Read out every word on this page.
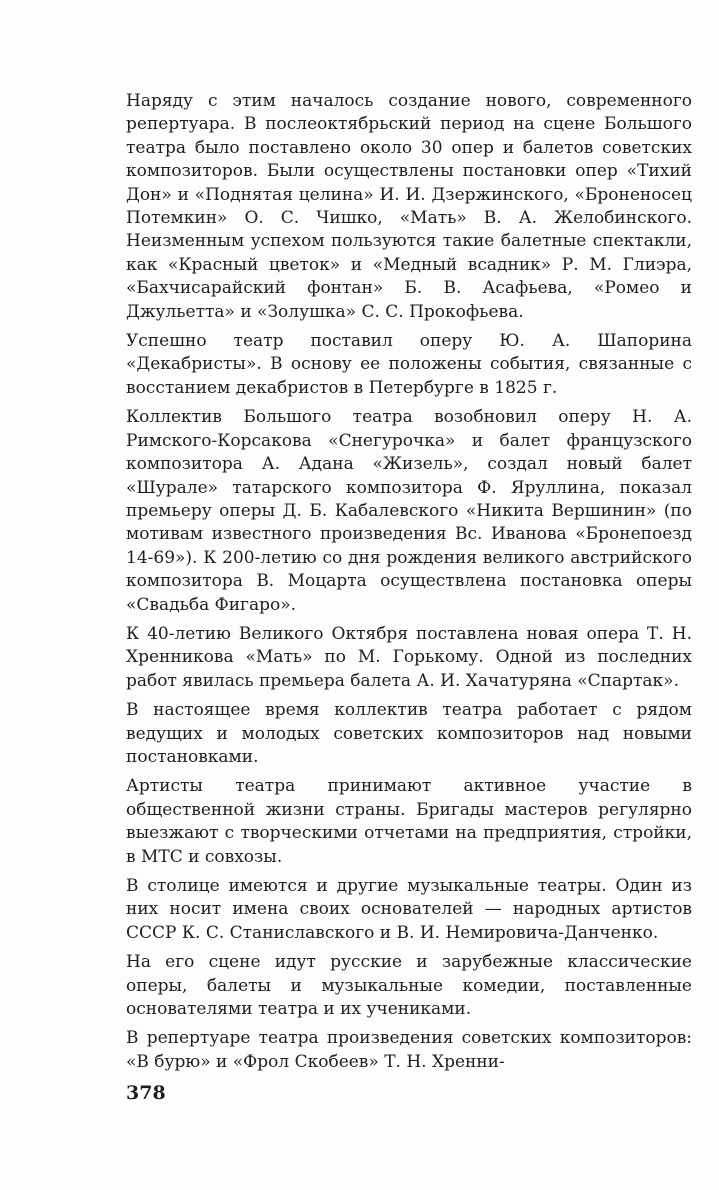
Наряду с этим началось создание нового, современного репертуара. В послеоктябрьский период на сцене Большого театра было поставлено около 30 опер и балетов советских композиторов. Были осуществлены постановки опер «Тихий Дон» и «Поднятая целина» И. И. Дзержинского, «Броненосец Потемкин» О. С. Чишко, «Мать» В. А. Желобинского. Неизменным успехом пользуются такие балетные спектакли, как «Красный цветок» и «Медный всадник» Р. М. Глиэра, «Бахчисарайский фонтан» Б. В. Асафьева, «Ромео и Джульетта» и «Золушка» С. С. Прокофьева.

Успешно театр поставил оперу Ю. А. Шапорина «Декабристы». В основу ее положены события, связанные с восстанием декабристов в Петербурге в 1825 г.

Коллектив Большого театра возобновил оперу Н. А. Римского-Корсакова «Снегурочка» и балет французского композитора А. Адана «Жизель», создал новый балет «Шурале» татарского композитора Ф. Яруллина, показал премьеру оперы Д. Б. Кабалевского «Никита Вершинин» (по мотивам известного произведения Вс. Иванова «Бронепоезд 14-69»). К 200-летию со дня рождения великого австрийского композитора В. Моцарта осуществлена постановка оперы «Свадьба Фигаро».

К 40-летию Великого Октября поставлена новая опера Т. Н. Хренникова «Мать» по М. Горькому. Одной из последних работ явилась премьера балета А. И. Хачатуряна «Спартак».

В настоящее время коллектив театра работает с рядом ведущих и молодых советских композиторов над новыми постановками.

Артисты театра принимают активное участие в общественной жизни страны. Бригады мастеров регулярно выезжают с творческими отчетами на предприятия, стройки, в МТС и совхозы.

В столице имеются и другие музыкальные театры. Один из них носит имена своих основателей — народных артистов СССР К. С. Станиславского и В. И. Немировича-Данченко.

На его сцене идут русские и зарубежные классические оперы, балеты и музыкальные комедии, поставленные основателями театра и их учениками.

В репертуаре театра произведения советских композиторов: «В бурю» и «Фрол Скобеев» Т. Н. Хренни-

378
